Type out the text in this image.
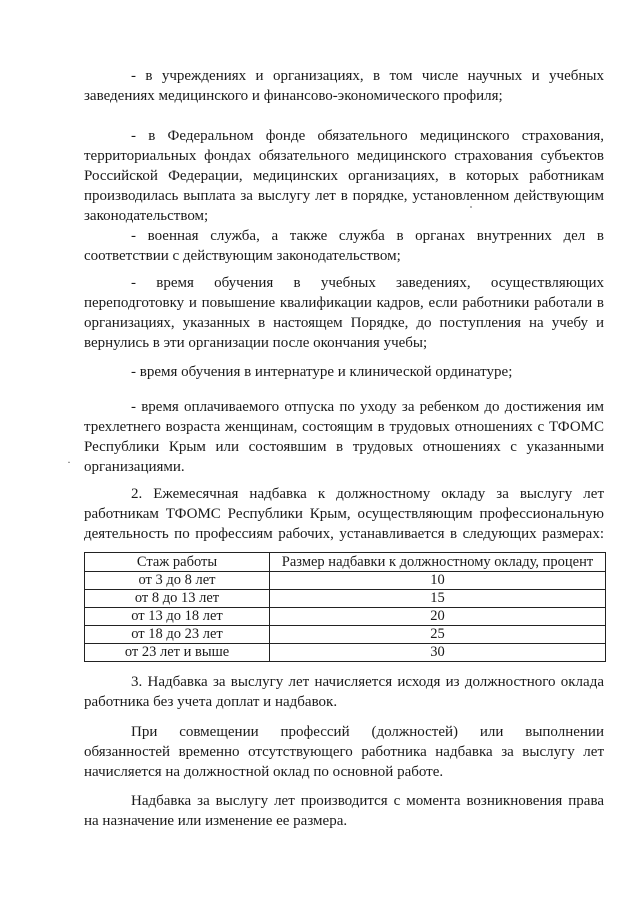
- в учреждениях и организациях, в том числе научных и учебных
заведениях медицинского и финансово-экономического профиля;

- в Федеральном фонде обязательного медицинского страхования,
территориальных фондах обязательного медицинского страхования субъектов
Российской Федерации, медицинских организациях, в которых работникам
производилась выплата за выслугу лет в порядке, установленном действующим
законодательством;

- военная служба, а также служба в органах внутренних дел в
соответствии с действующим законодательством;

- время обучения в учебных заведениях, осуществляющих
переподготовку и повышение квалификации кадров, если работники работали в
организациях, указанных в настоящем Порядке, до поступления на учебу и
вернулись в эти организации после окончания учебы;

- время обучения в интернатуре и клинической ординатуре;

- время оплачиваемого отпуска по уходу за ребенком до достижения им
трехлетнего возраста женщинам, состоящим в трудовых отношениях с ТФОМС
Республики Крым или состоявшим в трудовых отношениях с указанными
организациями.

·

2. Ежемесячная надбавка к должностному окладу за выслугу лет
работникам ТФОМС Республики Крым, осуществляющим профессиональную
деятельность по профессиям рабочих, устанавливается в следующих размерах:

Стаж работы	Размер надбавки к должностному окладу, процент
от 3 до 8 лет	10
от 8 до 13 лет	15
от 13 до 18 лет	20
от 18 до 23 лет	25
от 23 лет и выше	30

3. Надбавка за выслугу лет начисляется исходя из должностного оклада
работника без учета доплат и надбавок.

При совмещении профессий (должностей) или выполнении
обязанностей временно отсутствующего работника надбавка за выслугу лет
начисляется на должностной оклад по основной работе.

Надбавка за выслугу лет производится с момента возникновения права
на назначение или изменение ее размера.
